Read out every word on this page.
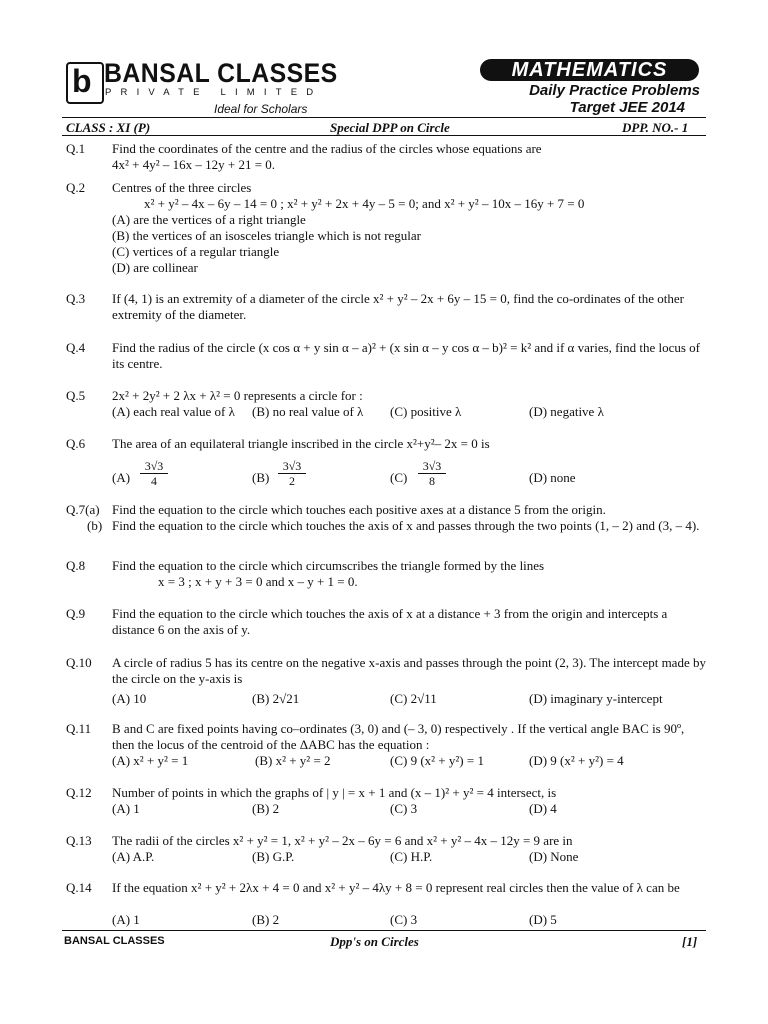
b BANSAL CLASSES
PRIVATE LIMITED
Ideal for Scholars
MATHEMATICS
Daily Practice Problems
Target JEE 2014
CLASS : XI (P)	Special DPP on Circle	DPP. NO.- 1
Q.1 Find the coordinates of the centre and the radius of the circles whose equations are
4x² + 4y² – 16x – 12y + 21 = 0.
Q.2 Centres of the three circles
x² + y² – 4x – 6y – 14 = 0 ; x² + y² + 2x + 4y – 5 = 0; and x² + y² – 10x – 16y + 7 = 0
(A) are the vertices of a right triangle
(B) the vertices of an isosceles triangle which is not regular
(C) vertices of a regular triangle
(D) are collinear
Q.3 If (4, 1) is an extremity of a diameter of the circle x² + y² – 2x + 6y – 15 = 0, find the co-ordinates of the other extremity of the diameter.
Q.4 Find the radius of the circle (x cos α + y sin α – a)² + (x sin α – y cos α – b)² = k² and if α varies, find the locus of its centre.
Q.5 2x² + 2y² + 2 λx + λ² = 0 represents a circle for :
(A) each real value of λ (B) no real value of λ (C) positive λ	(D) negative λ
Q.6 The area of an equilateral triangle inscribed in the circle x²+y²– 2x = 0 is
$(A) \frac{3√3}{4}$	$(B) \frac{3√3}{2}$	$(C) \frac{3√3}{8}$	(D) none
Q.7(a) Find the equation to the circle which touches each positive axes at a distance 5 from the origin.
(b) Find the equation to the circle which touches the axis of x and passes through the two points (1, – 2) and (3, – 4).
Q.8 Find the equation to the circle which circumscribes the triangle formed by the lines
x = 3 ; x + y + 3 = 0 and x – y + 1 = 0.
Q.9 Find the equation to the circle which touches the axis of x at a distance + 3 from the origin and intercepts a distance 6 on the axis of y.
Q.10 A circle of radius 5 has its centre on the negative x-axis and passes through the point (2, 3). The intercept made by the circle on the y-axis is
(A) 10	(B) 2√21	(C) 2√11	(D) imaginary y-intercept
Q.11 B and C are fixed points having co–ordinates (3, 0) and (– 3, 0) respectively . If the vertical angle BAC is 90º, then the locus of the centroid of the ΔABC has the equation :
(A) x² + y² = 1	(B) x² + y² = 2	(C) 9 (x² + y²) = 1	(D) 9 (x² + y²) = 4
Q.12 Number of points in which the graphs of | y | = x + 1 and (x – 1)² + y² = 4 intersect, is
(A) 1	(B) 2	(C) 3	(D) 4
Q.13 The radii of the circles x² + y² = 1, x² + y² – 2x – 6y = 6 and x² + y² – 4x – 12y = 9 are in
(A) A.P.	(B) G.P.	(C) H.P.	(D) None
Q.14 If the equation x² + y² + 2λx + 4 = 0 and x² + y² – 4λy + 8 = 0 represent real circles then the value of λ can be
(A) 1	(B) 2	(C) 3	(D) 5
BANSAL CLASSES	Dpp's on Circles	[1]
